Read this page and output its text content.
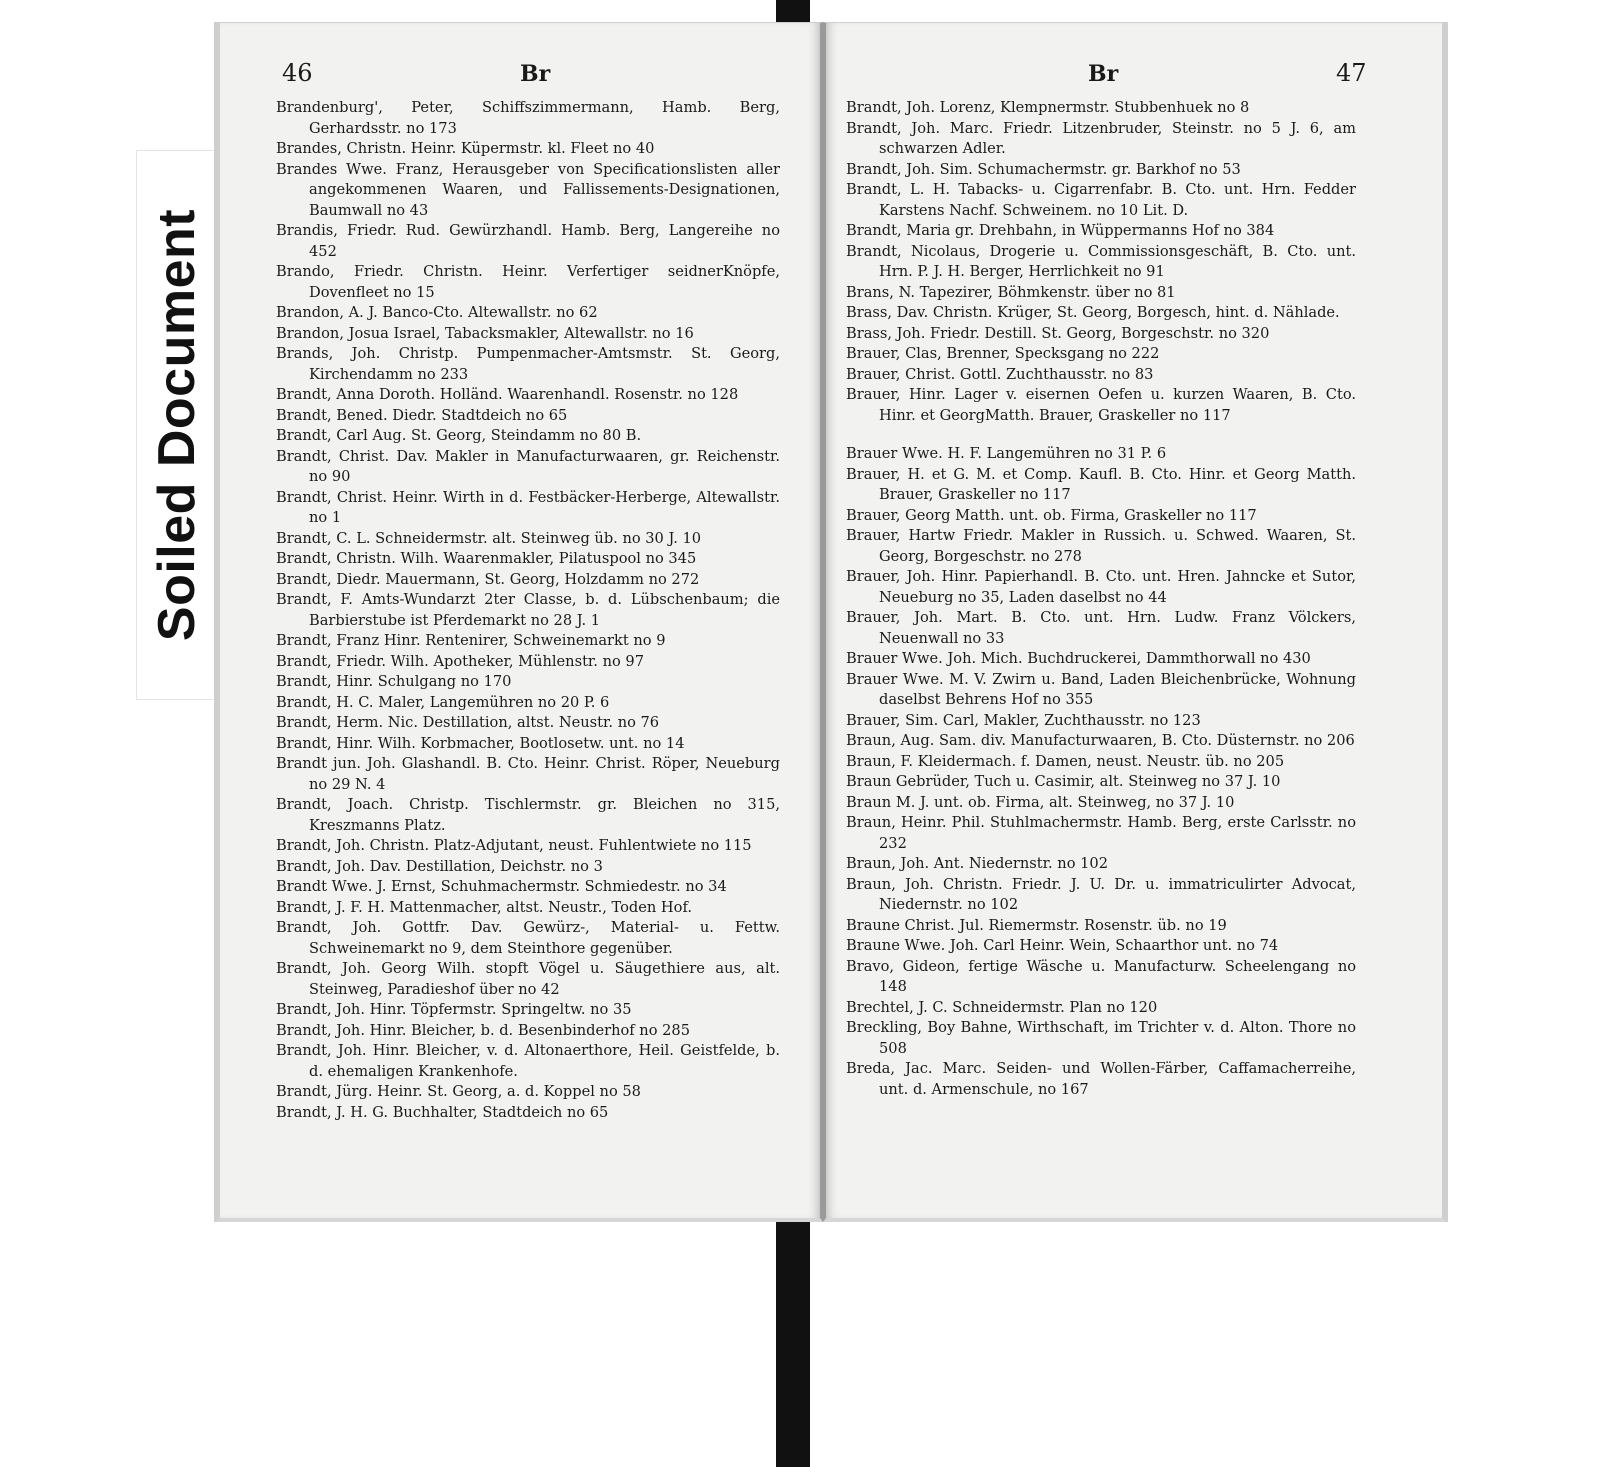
Soiled Document
46	Br
Brandenburg', Peter, Schiffszimmermann, Hamb. Berg, Gerhardsstr. no 173
Brandes, Christn. Heinr. Küpermstr. kl. Fleet no 40
Brandes Wwe. Franz, Herausgeber von Specificationslisten aller angekommenen Waaren, und Fallissements-Designationen, Baumwall no 43
Brandis, Friedr. Rud. Gewürzhandl. Hamb. Berg, Langereihe no 452
Brando, Friedr. Christn. Heinr. Verfertiger seidnerKnöpfe, Dovenfleet no 15
Brandon, A. J. Banco-Cto. Altewallstr. no 62
Brandon, Josua Israel, Tabacksmakler, Altewallstr. no 16
Brands, Joh. Christp. Pumpenmacher-Amtsmstr. St. Georg, Kirchendamm no 233
Brandt, Anna Doroth. Holländ. Waarenhandl. Rosenstr. no 128
Brandt, Bened. Diedr. Stadtdeich no 65
Brandt, Carl Aug. St. Georg, Steindamm no 80 B.
Brandt, Christ. Dav. Makler in Manufacturwaaren, gr. Reichenstr. no 90
Brandt, Christ. Heinr. Wirth in d. Festbäcker-Herberge, Altewallstr. no 1
Brandt, C. L. Schneidermstr. alt. Steinweg üb. no 30 J. 10
Brandt, Christn. Wilh. Waarenmakler, Pilatuspool no 345
Brandt, Diedr. Mauermann, St. Georg, Holzdamm no 272
Brandt, F. Amts-Wundarzt 2ter Classe, b. d. Lübschenbaum; die Barbierstube ist Pferdemarkt no 28 J. 1
Brandt, Franz Hinr. Rentenirer, Schweinemarkt no 9
Brandt, Friedr. Wilh. Apotheker, Mühlenstr. no 97
Brandt, Hinr. Schulgang no 170
Brandt, H. C. Maler, Langemühren no 20 P. 6
Brandt, Herm. Nic. Destillation, altst. Neustr. no 76
Brandt, Hinr. Wilh. Korbmacher, Bootlosetw. unt. no 14
Brandt jun. Joh. Glashandl. B. Cto. Heinr. Christ. Röper, Neueburg no 29 N. 4
Brandt, Joach. Christp. Tischlermstr. gr. Bleichen no 315, Kreszmanns Platz.
Brandt, Joh. Christn. Platz-Adjutant, neust. Fuhlentwiete no 115
Brandt, Joh. Dav. Destillation, Deichstr. no 3
Brandt Wwe. J. Ernst, Schuhmachermstr. Schmiedestr. no 34
Brandt, J. F. H. Mattenmacher, altst. Neustr., Toden Hof.
Brandt, Joh. Gottfr. Dav. Gewürz-, Material- u. Fettw. Schweinemarkt no 9, dem Steinthore gegenüber.
Brandt, Joh. Georg Wilh. stopft Vögel u. Säugethiere aus, alt. Steinweg, Paradieshof über no 42
Brandt, Joh. Hinr. Töpfermstr. Springeltw. no 35
Brandt, Joh. Hinr. Bleicher, b. d. Besenbinderhof no 285
Brandt, Joh. Hinr. Bleicher, v. d. Altonaerthore, Heil. Geistfelde, b. d. ehemaligen Krankenhofe.
Brandt, Jürg. Heinr. St. Georg, a. d. Koppel no 58
Brandt, J. H. G. Buchhalter, Stadtdeich no 65
Br	47
Brandt, Joh. Lorenz, Klempnermstr. Stubbenhuek no 8
Brandt, Joh. Marc. Friedr. Litzenbruder, Steinstr. no 5 J. 6, am schwarzen Adler.
Brandt, Joh. Sim. Schumachermstr. gr. Barkhof no 53
Brandt, L. H. Tabacks- u. Cigarrenfabr. B. Cto. unt. Hrn. Fedder Karstens Nachf. Schweinem. no 10 Lit. D.
Brandt, Maria gr. Drehbahn, in Wüppermanns Hof no 384
Brandt, Nicolaus, Drogerie u. Commissionsgeschäft, B. Cto. unt. Hrn. P. J. H. Berger, Herrlichkeit no 91
Brans, N. Tapezirer, Böhmkenstr. über no 81
Brass, Dav. Christn. Krüger, St. Georg, Borgesch, hint. d. Nählade.
Brass, Joh. Friedr. Destill. St. Georg, Borgeschstr. no 320
Brauer, Clas, Brenner, Specksgang no 222
Brauer, Christ. Gottl. Zuchthausstr. no 83
Brauer, Hinr. Lager v. eisernen Oefen u. kurzen Waaren, B. Cto. Hinr. et GeorgMatth. Brauer, Graskeller no 117
Brauer Wwe. H. F. Langemühren no 31 P. 6
Brauer, H. et G. M. et Comp. Kaufl. B. Cto. Hinr. et Georg Matth. Brauer, Graskeller no 117
Brauer, Georg Matth. unt. ob. Firma, Graskeller no 117
Brauer, Hartw Friedr. Makler in Russich. u. Schwed. Waaren, St. Georg, Borgeschstr. no 278
Brauer, Joh. Hinr. Papierhandl. B. Cto. unt. Hren. Jahncke et Sutor, Neueburg no 35, Laden daselbst no 44
Brauer, Joh. Mart. B. Cto. unt. Hrn. Ludw. Franz Völckers, Neuenwall no 33
Brauer Wwe. Joh. Mich. Buchdruckerei, Dammthorwall no 430
Brauer Wwe. M. V. Zwirn u. Band, Laden Bleichenbrücke, Wohnung daselbst Behrens Hof no 355
Brauer, Sim. Carl, Makler, Zuchthausstr. no 123
Braun, Aug. Sam. div. Manufacturwaaren, B. Cto. Düsternstr. no 206
Braun, F. Kleidermach. f. Damen, neust. Neustr. üb. no 205
Braun Gebrüder, Tuch u. Casimir, alt. Steinweg no 37 J. 10
Braun M. J. unt. ob. Firma, alt. Steinweg, no 37 J. 10
Braun, Heinr. Phil. Stuhlmachermstr. Hamb. Berg, erste Carlsstr. no 232
Braun, Joh. Ant. Niedernstr. no 102
Braun, Joh. Christn. Friedr. J. U. Dr. u. immatriculirter Advocat, Niedernstr. no 102
Braune Christ. Jul. Riemermstr. Rosenstr. üb. no 19
Braune Wwe. Joh. Carl Heinr. Wein, Schaarthor unt. no 74
Bravo, Gideon, fertige Wäsche u. Manufacturw. Scheelengang no 148
Brechtel, J. C. Schneidermstr. Plan no 120
Breckling, Boy Bahne, Wirthschaft, im Trichter v. d. Alton. Thore no 508
Breda, Jac. Marc. Seiden- und Wollen-Färber, Caffamacherreihe, unt. d. Armenschule, no 167
